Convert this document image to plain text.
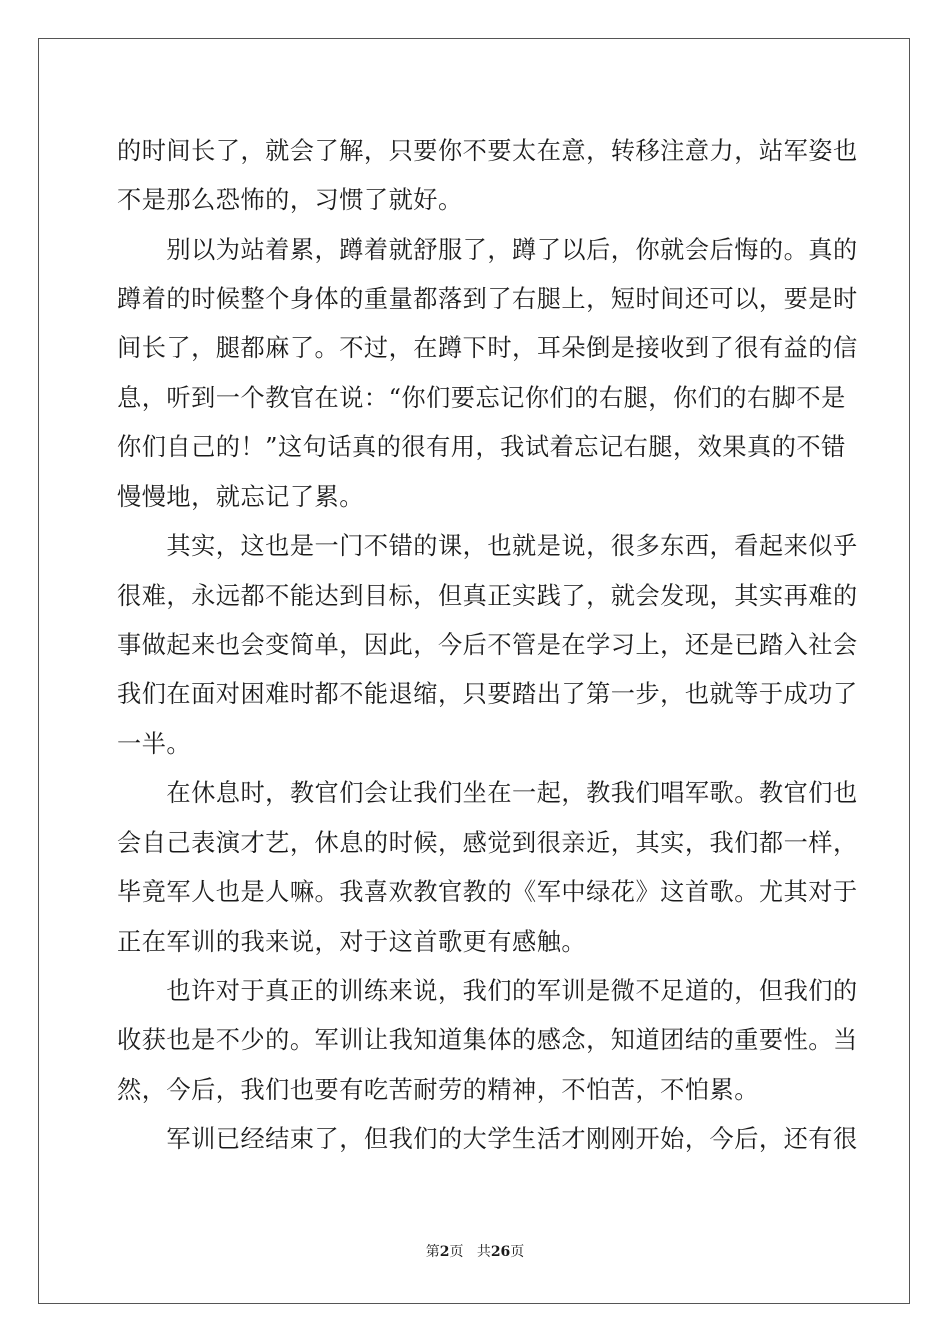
的时间长了，就会了解，只要你不要太在意，转移注意力，站军姿也
不是那么恐怖的，习惯了就好。
　　别以为站着累，蹲着就舒服了，蹲了以后，你就会后悔的。真的
蹲着的时候整个身体的重量都落到了右腿上，短时间还可以，要是时
间长了，腿都麻了。不过，在蹲下时，耳朵倒是接收到了很有益的信
息，听到一个教官在说：“你们要忘记你们的右腿，你们的右脚不是
你们自己的！”这句话真的很有用，我试着忘记右腿，效果真的不错
慢慢地，就忘记了累。
　　其实，这也是一门不错的课，也就是说，很多东西，看起来似乎
很难，永远都不能达到目标，但真正实践了，就会发现，其实再难的
事做起来也会变简单，因此，今后不管是在学习上，还是已踏入社会
我们在面对困难时都不能退缩，只要踏出了第一步，也就等于成功了
一半。
　　在休息时，教官们会让我们坐在一起，教我们唱军歌。教官们也
会自己表演才艺，休息的时候，感觉到很亲近，其实，我们都一样，
毕竟军人也是人嘛。我喜欢教官教的《军中绿花》这首歌。尤其对于
正在军训的我来说，对于这首歌更有感触。
　　也许对于真正的训练来说，我们的军训是微不足道的，但我们的
收获也是不少的。军训让我知道集体的感念，知道团结的重要性。当
然，今后，我们也要有吃苦耐劳的精神，不怕苦，不怕累。
　　军训已经结束了，但我们的大学生活才刚刚开始，今后，还有很
第2页 共26页
